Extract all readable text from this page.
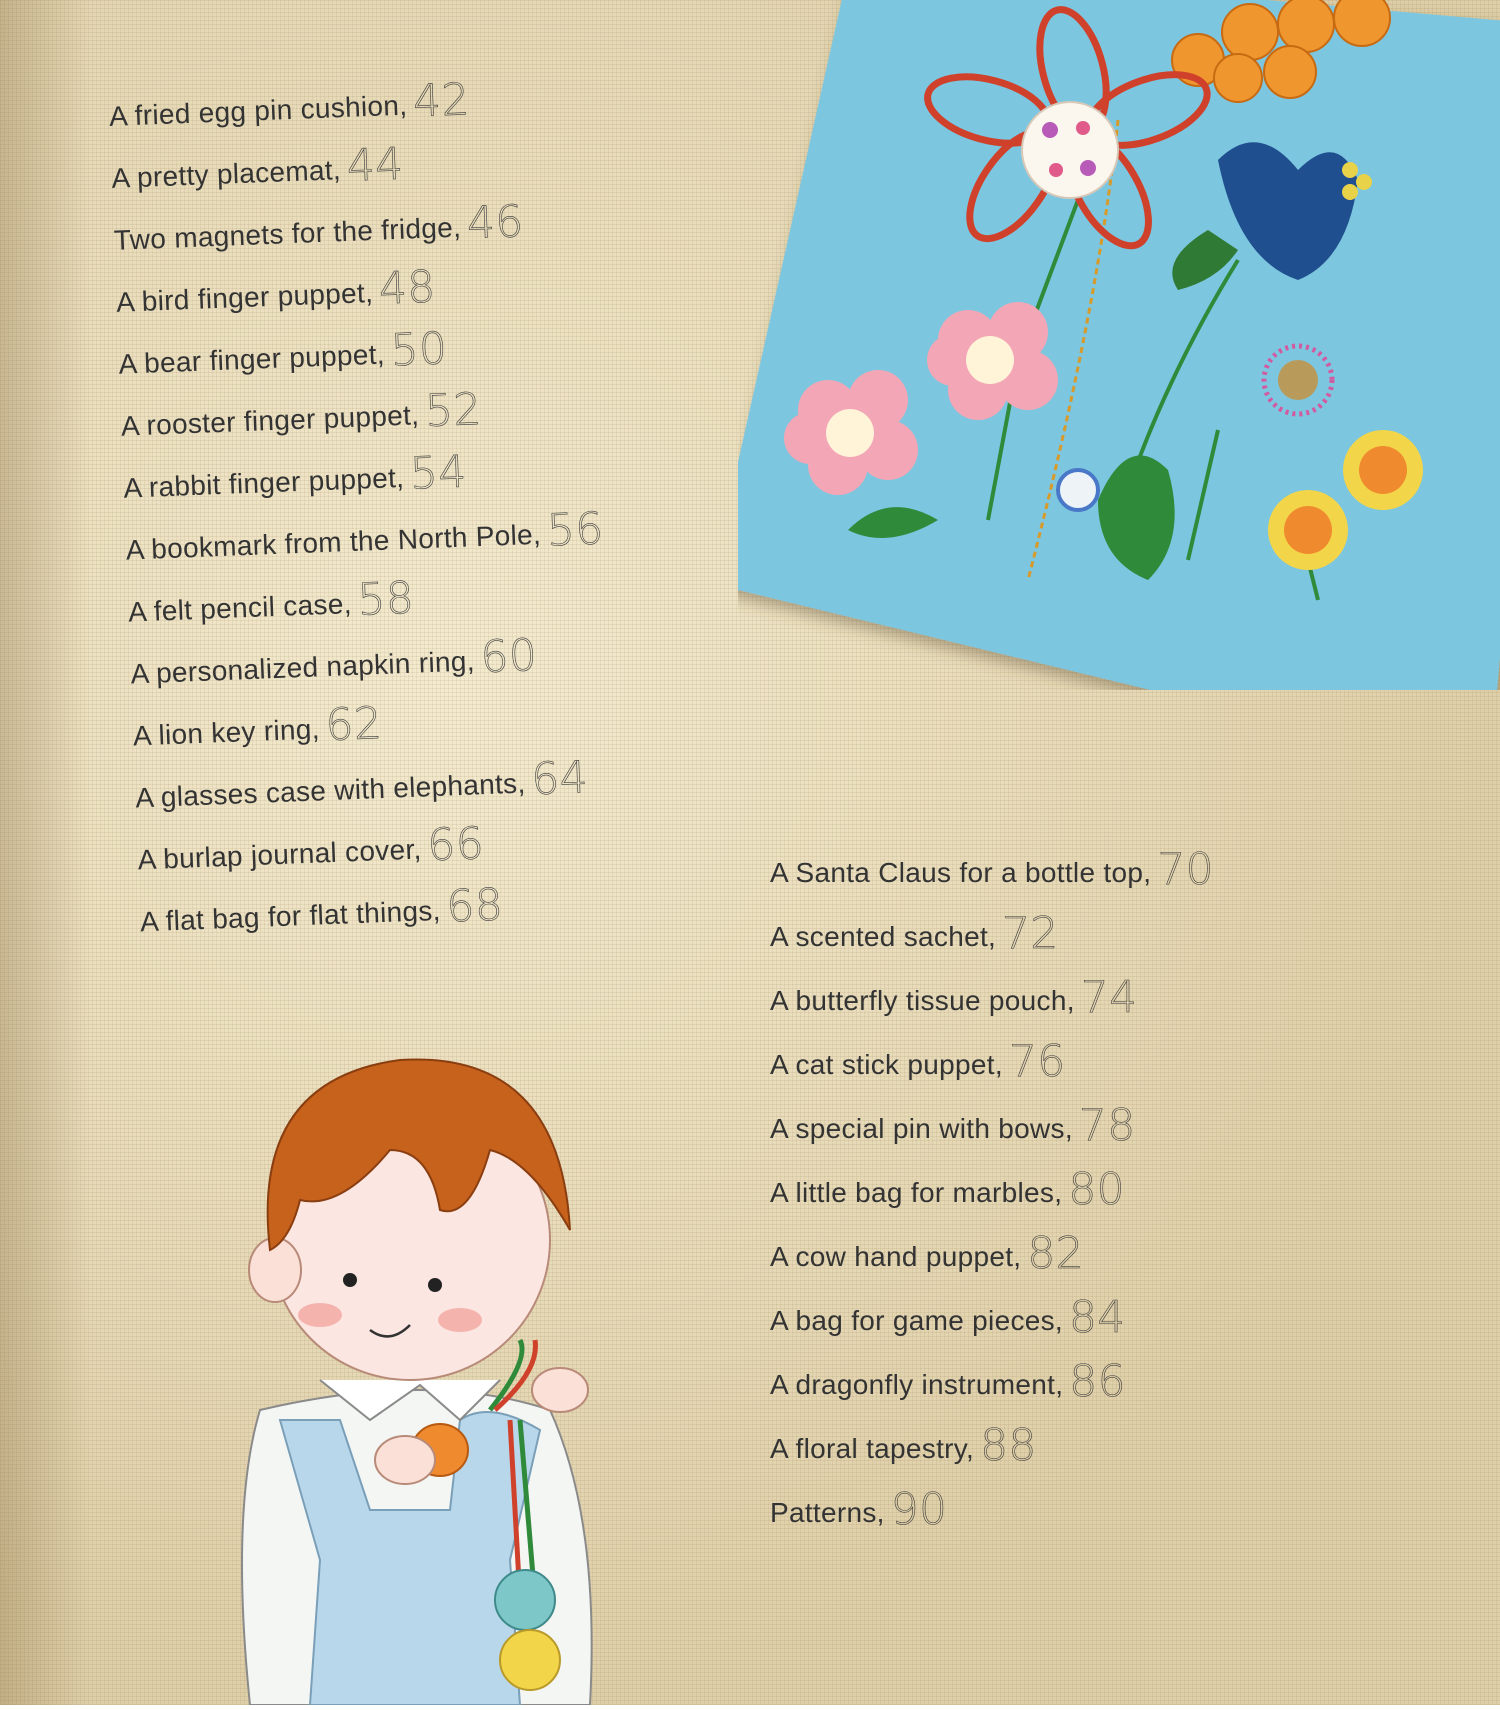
A fried egg pin cushion,42
A pretty placemat,44
Two magnets for the fridge,46
A bird finger puppet,48
A bear finger puppet,50
A rooster finger puppet,52
A rabbit finger puppet,54
A bookmark from the North Pole,56
A felt pencil case,58
A personalized napkin ring,60
A lion key ring,62
A glasses case with elephants,64
A burlap journal cover,66
A flat bag for flat things,68
A Santa Claus for a bottle top, 70
A scented sachet, 72
A butterfly tissue pouch, 74
A cat stick puppet, 76
A special pin with bows, 78
A little bag for marbles, 80
A cow hand puppet, 82
A bag for game pieces, 84
A dragonfly instrument, 86
A floral tapestry, 88
Patterns, 90
